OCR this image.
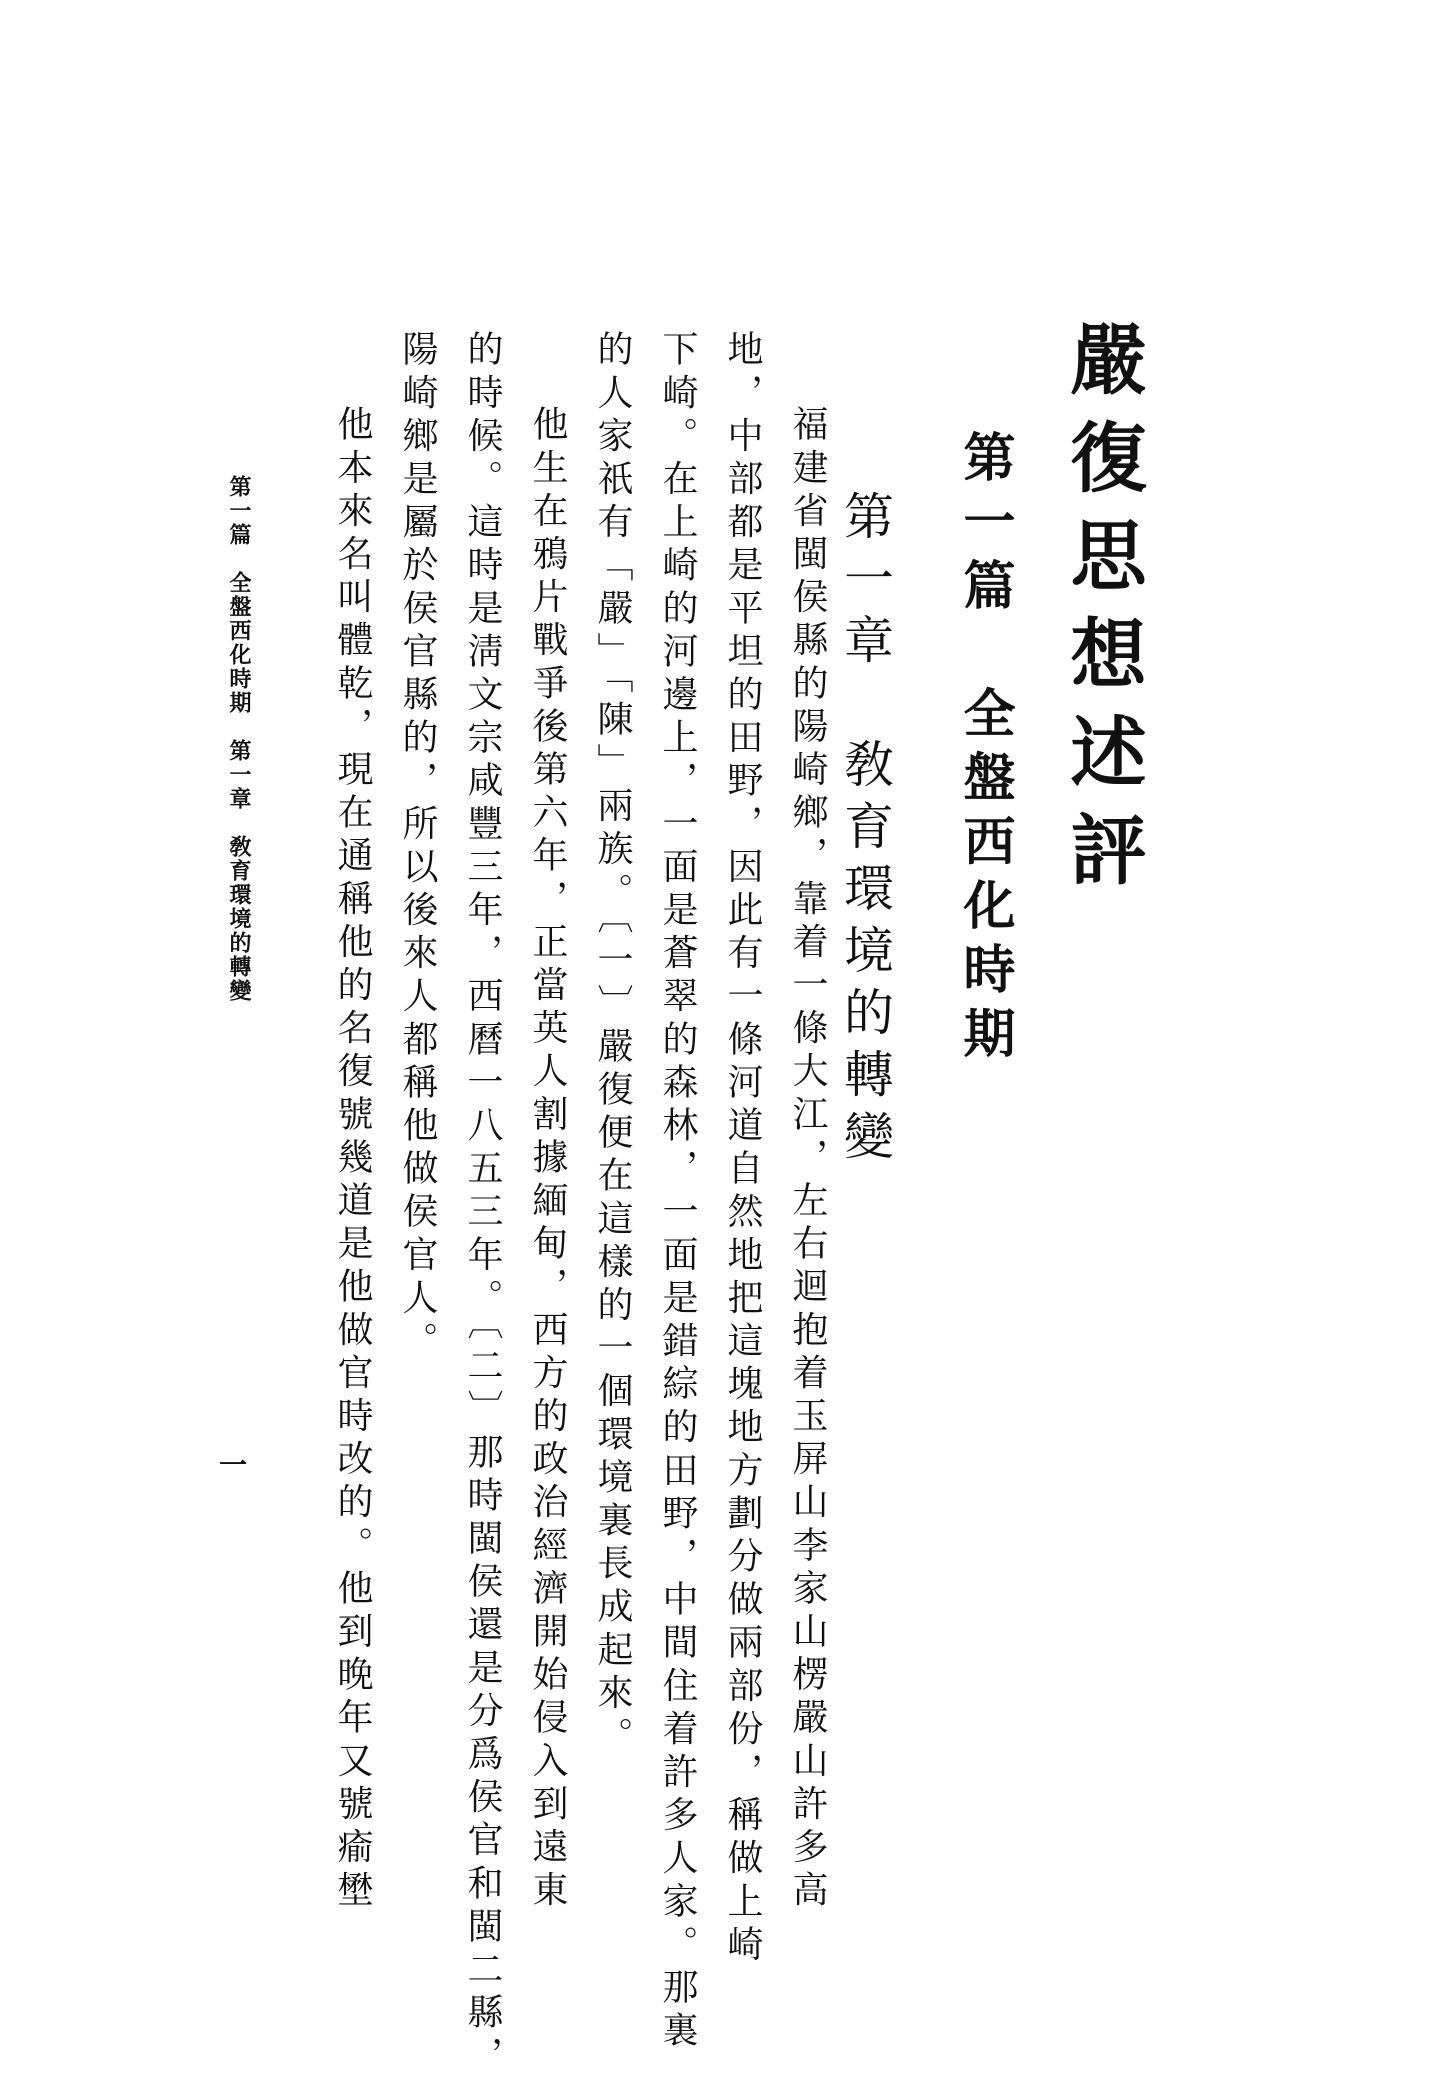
嚴復思想述評
第一篇　全盤西化時期
第一章　敎育環境的轉變
福建省閩侯縣的陽崎鄉，靠着一條大江，左右迴抱着玉屏山李家山楞嚴山許多高
地，中部都是平坦的田野，因此有一條河道自然地把這塊地方劃分做兩部份，稱做上崎
下崎。在上崎的河邊上，一面是蒼翠的森林，一面是錯綜的田野，中間住着許多人家。那裏
的人家祇有「嚴」「陳」兩族。〔一〕嚴復便在這樣的一個環境裏長成起來。
他生在鴉片戰爭後第六年，正當英人割據緬甸，西方的政治經濟開始侵入到遠東
的時候。這時是淸文宗咸豐三年，西曆一八五三年。〔二〕那時閩侯還是分爲侯官和閩二縣，
陽崎鄉是屬於侯官縣的，所以後來人都稱他做侯官人。
他本來名叫體乾，現在通稱他的名復號幾道是他做官時改的。他到晚年又號瘉壄
第一篇　全盤西化時期　第一章　敎育環境的轉變
一
